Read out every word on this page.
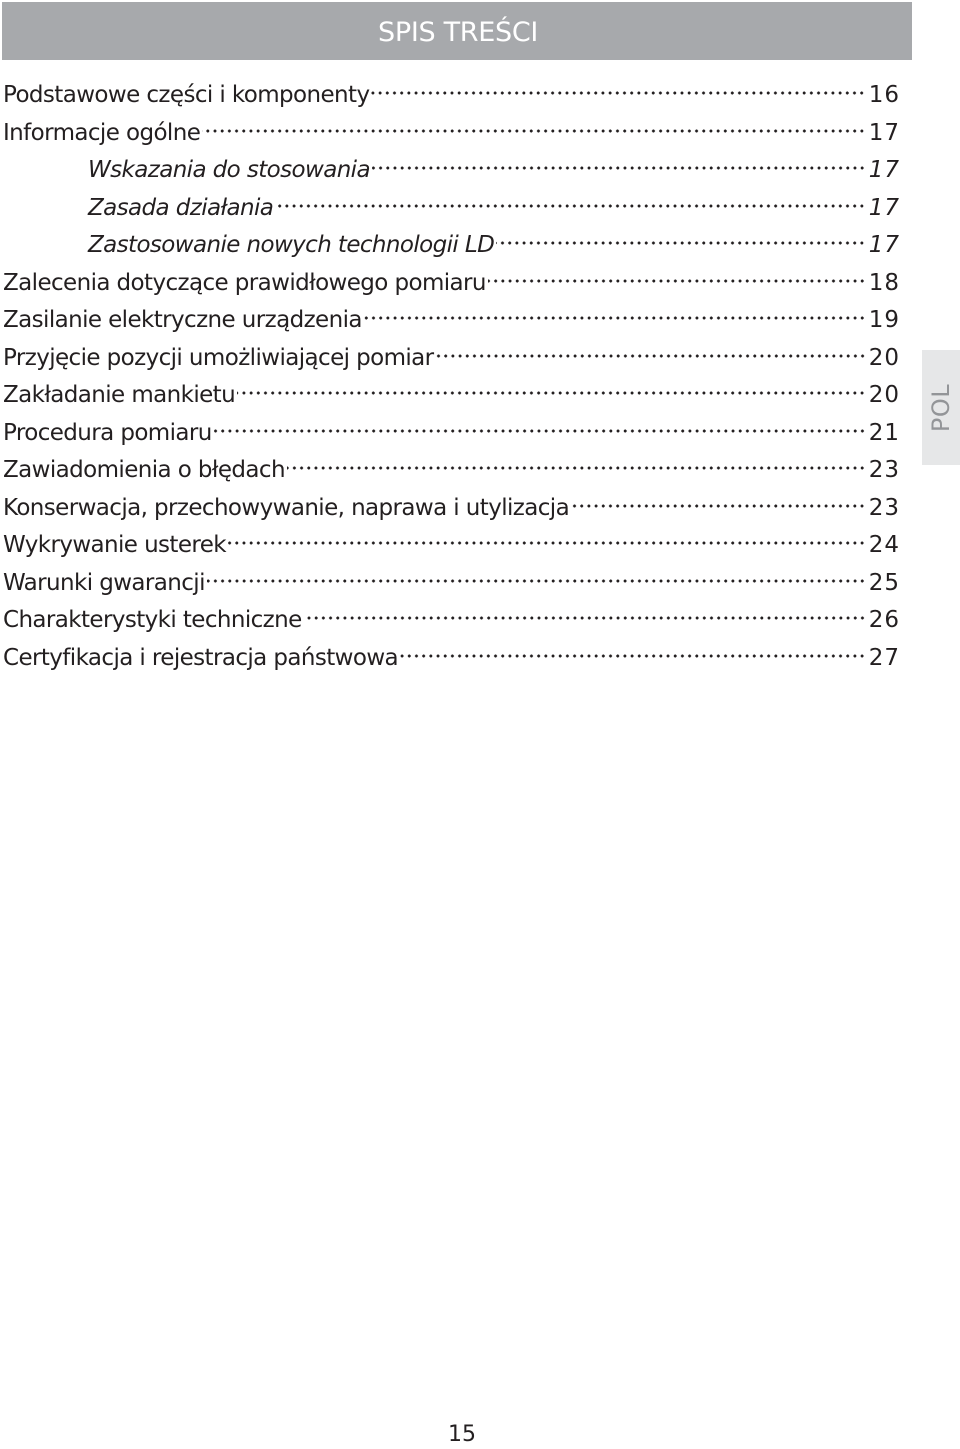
SPIS TREŚCI
Podstawowe części i komponenty	16
Informacje ogólne	17
Wskazania do stosowania	17
Zasada działania	17
Zastosowanie nowych technologii LD	17
Zalecenia dotyczące prawidłowego pomiaru	18
Zasilanie elektryczne urządzenia	19
Przyjęcie pozycji umożliwiającej pomiar	20
Zakładanie mankietu	20
Procedura pomiaru	21
Zawiadomienia o błędach	23
Konserwacja, przechowywanie, naprawa i utylizacja	23
Wykrywanie usterek	24
Warunki gwarancji	25
Charakterystyki techniczne	26
Certyfikacja i rejestracja państwowa	27
POL
15
